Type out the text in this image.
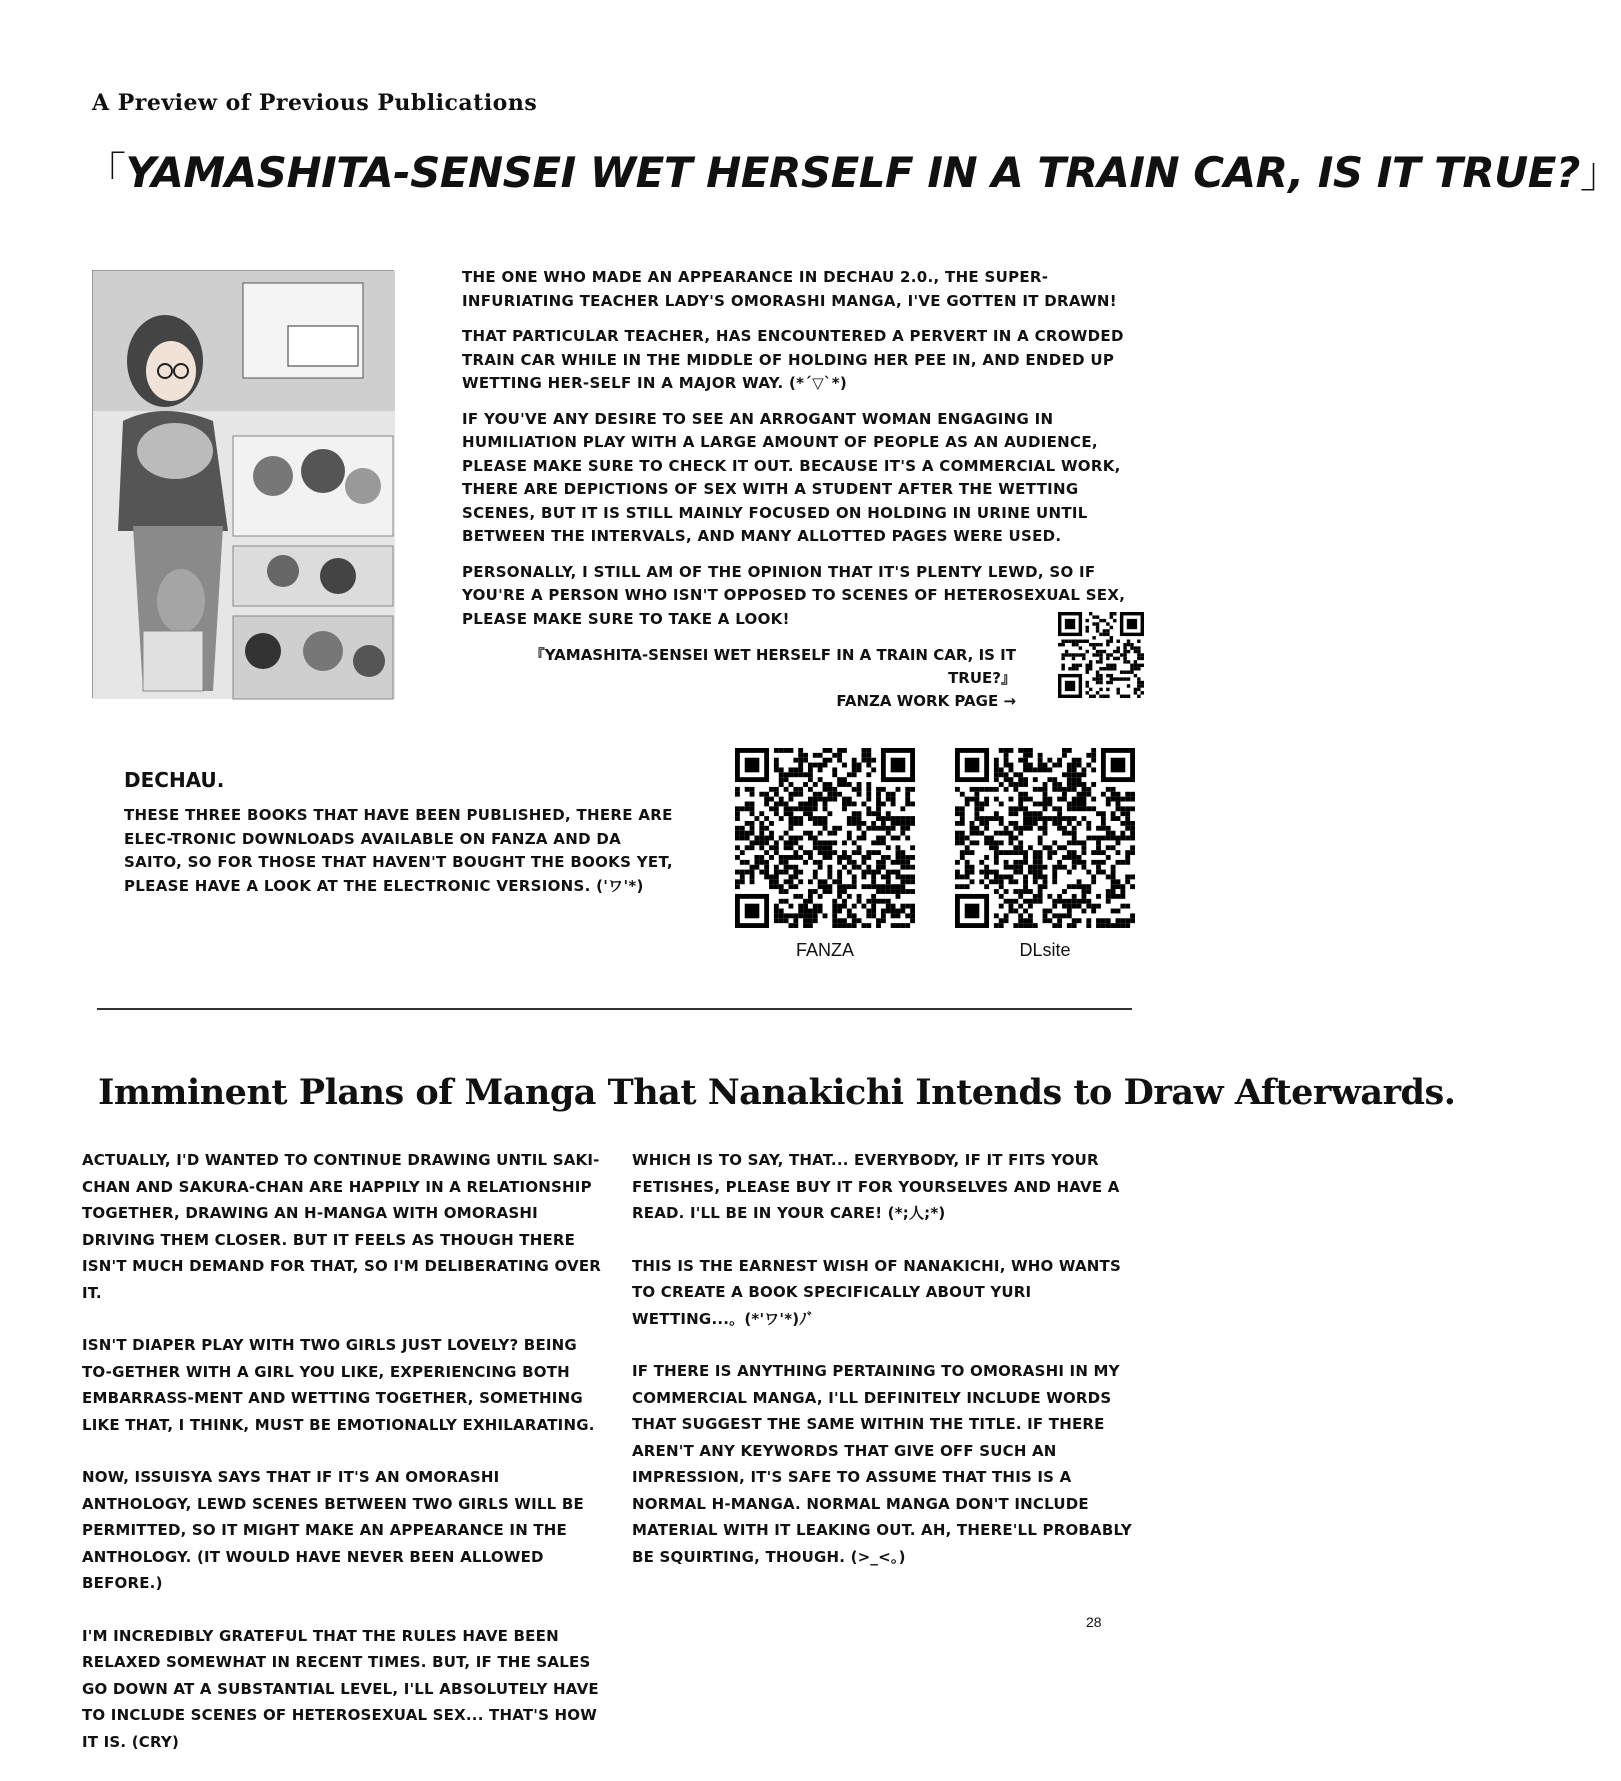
A Preview of Previous Publications
「YAMASHITA-SENSEI WET HERSELF IN A TRAIN CAR, IS IT TRUE?」

THE ONE WHO MADE AN APPEARANCE IN DECHAU 2.0., THE SUPER-INFURIATING TEACHER LADY'S OMORASHI MANGA, I'VE GOTTEN IT DRAWN!

THAT PARTICULAR TEACHER, HAS ENCOUNTERED A PERVERT IN A CROWDED TRAIN CAR WHILE IN THE MIDDLE OF HOLDING HER PEE IN, AND ENDED UP WETTING HER-SELF IN A MAJOR WAY. (*´▽`*)

IF YOU'VE ANY DESIRE TO SEE AN ARROGANT WOMAN ENGAGING IN HUMILIATION PLAY WITH A LARGE AMOUNT OF PEOPLE AS AN AUDIENCE, PLEASE MAKE SURE TO CHECK IT OUT. BECAUSE IT'S A COMMERCIAL WORK, THERE ARE DEPICTIONS OF SEX WITH A STUDENT AFTER THE WETTING SCENES, BUT IT IS STILL MAINLY FOCUSED ON HOLDING IN URINE UNTIL BETWEEN THE INTERVALS, AND MANY ALLOTTED PAGES WERE USED.

PERSONALLY, I STILL AM OF THE OPINION THAT IT'S PLENTY LEWD, SO IF YOU'RE A PERSON WHO ISN'T OPPOSED TO SCENES OF HETEROSEXUAL SEX, PLEASE MAKE SURE TO TAKE A LOOK!

『YAMASHITA-SENSEI WET HERSELF IN A TRAIN CAR, IS IT TRUE?』
FANZA WORK PAGE →
DECHAU.

THESE THREE BOOKS THAT HAVE BEEN PUBLISHED, THERE ARE ELEC-TRONIC DOWNLOADS AVAILABLE ON FANZA AND DA SAITO, SO FOR THOSE THAT HAVEN'T BOUGHT THE BOOKS YET, PLEASE HAVE A LOOK AT THE ELECTRONIC VERSIONS. ('ワ'*)

FANZA	DLsite
Imminent Plans of Manga That Nanakichi Intends to Draw Afterwards.

ACTUALLY, I'D WANTED TO CONTINUE DRAWING UNTIL SAKI-CHAN AND SAKURA-CHAN ARE HAPPILY IN A RELATIONSHIP TOGETHER, DRAWING AN H-MANGA WITH OMORASHI DRIVING THEM CLOSER. BUT IT FEELS AS THOUGH THERE ISN'T MUCH DEMAND FOR THAT, SO I'M DELIBERATING OVER IT.

ISN'T DIAPER PLAY WITH TWO GIRLS JUST LOVELY? BEING TO-GETHER WITH A GIRL YOU LIKE, EXPERIENCING BOTH EMBARRASS-MENT AND WETTING TOGETHER, SOMETHING LIKE THAT, I THINK, MUST BE EMOTIONALLY EXHILARATING.

NOW, ISSUISYA SAYS THAT IF IT'S AN OMORASHI ANTHOLOGY, LEWD SCENES BETWEEN TWO GIRLS WILL BE PERMITTED, SO IT MIGHT MAKE AN APPEARANCE IN THE ANTHOLOGY. (IT WOULD HAVE NEVER BEEN ALLOWED BEFORE.)

I'M INCREDIBLY GRATEFUL THAT THE RULES HAVE BEEN RELAXED SOMEWHAT IN RECENT TIMES. BUT, IF THE SALES GO DOWN AT A SUBSTANTIAL LEVEL, I'LL ABSOLUTELY HAVE TO INCLUDE SCENES OF HETEROSEXUAL SEX... THAT'S HOW IT IS. (CRY)

WHICH IS TO SAY, THAT... EVERYBODY, IF IT FITS YOUR FETISHES, PLEASE BUY IT FOR YOURSELVES AND HAVE A READ. I'LL BE IN YOUR CARE! (*;人;*)

THIS IS THE EARNEST WISH OF NANAKICHI, WHO WANTS TO CREATE A BOOK SPECIFICALLY ABOUT YURI WETTING...。(*'ワ'*)ﾉﾞ

IF THERE IS ANYTHING PERTAINING TO OMORASHI IN MY COMMERCIAL MANGA, I'LL DEFINITELY INCLUDE WORDS THAT SUGGEST THE SAME WITHIN THE TITLE. IF THERE AREN'T ANY KEYWORDS THAT GIVE OFF SUCH AN IMPRESSION, IT'S SAFE TO ASSUME THAT THIS IS A NORMAL H-MANGA. NORMAL MANGA DON'T INCLUDE MATERIAL WITH IT LEAKING OUT. AH, THERE'LL PROBABLY BE SQUIRTING, THOUGH. (>_<。)

28
